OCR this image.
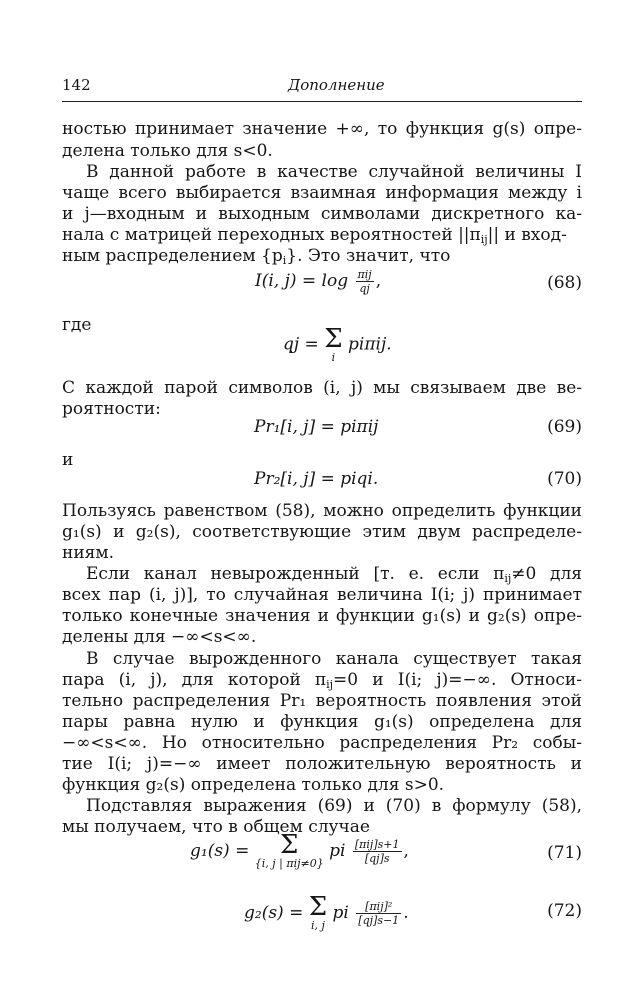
142	Дополнение
ностью принимает значение +∞, то функция g(s) опре-
делена только для s<0.
В данной работе в качестве случайной величины I
чаще всего выбирается взаимная информация между i
и j—входным и выходным символами дискретного ка-
нала с матрицей переходных вероятностей $||\pi_{ij}||$ и вход-
ным распределением $\{p_i\}$. Это значит, что
I(i, $j) = \log \frac{\text{πij}}{qj}$ ,	(68)
где
qj = Σ
i
piπij.
С каждой парой символов (i, j) мы связываем две ве-
роятности:
Pr₁[i, j] = piπij	(69)
и
Pr₂[i, j] = piqi.	(70)
Пользуясь равенством (58), можно определить функции
g₁(s) и g₂(s), соответствующие этим двум распределе-
ниям.
Если канал невырожденный [т. е. если $\pi_{ij}\ne 0$ для
всех пар (i, j)], то случайная величина I(i; j) принимает
только конечные значения и функции g₁(s) и g₂(s) опре-
делены для −∞<s<∞.
В случае вырожденного канала существует такая
пара (i, j), для которой $\pi_{ij}=0$ и I(i; j)=−∞. Относи-
тельно распределения Pr₁ вероятность появления этой
пары равна нулю и функция g₁(s) определена для
−∞<s<∞. Но относительно распределения Pr₂ собы-
тие I(i; j)=−∞ имеет положительную вероятность и
функция g₂(s) определена только для s>0.
Подставляя выражения (69) и (70) в формулу (58),
мы получаем, что в общем случае
g₁(s) =	Σ
{i, j | πij≠0}
pi $\frac{\text{[πij]s+1}}{[qj]s}$ ,	(71)
g₂(s) = Σ
i, j
pi $\frac{\text{[πij]²}}{[qj]s-1}$ .	(72)
